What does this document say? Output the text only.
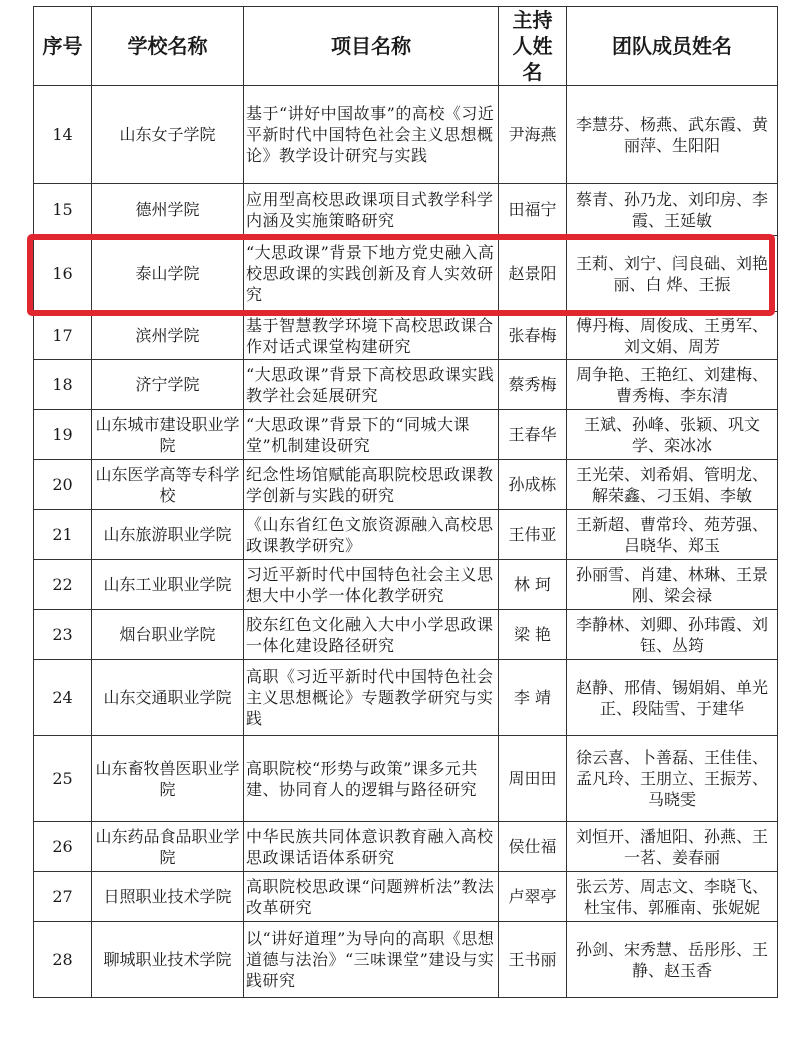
序号	学校名称	项目名称	主持人姓名	团队成员姓名
14	山东女子学院	基于“讲好中国故事”的高校《习近平新时代中国特色社会主义思想概论》教学设计研究与实践	尹海燕	李慧芬、杨燕、武东霞、黄丽萍、生阳阳
15	德州学院	应用型高校思政课项目式教学科学内涵及实施策略研究	田福宁	蔡青、孙乃龙、刘印房、李霞、王延敏
16	泰山学院	“大思政课”背景下地方党史融入高校思政课的实践创新及育人实效研究	赵景阳	王莉、刘宁、闫良础、刘艳丽、白 烨、王振
17	滨州学院	基于智慧教学环境下高校思政课合作对话式课堂构建研究	张春梅	傅丹梅、周俊成、王勇军、刘文娟、周芳
18	济宁学院	“大思政课”背景下高校思政课实践教学社会延展研究	蔡秀梅	周争艳、王艳红、刘建梅、曹秀梅、李东清
19	山东城市建设职业学院	“大思政课”背景下的“同城大课堂”机制建设研究	王春华	王斌、孙峰、张颖、巩文学、栾冰冰
20	山东医学高等专科学校	纪念性场馆赋能高职院校思政课教学创新与实践的研究	孙成栋	王光荣、刘希娟、管明龙、解荣鑫、刁玉娟、李敏
21	山东旅游职业学院	《山东省红色文旅资源融入高校思政课教学研究》	王伟亚	王新超、曹常玲、苑芳强、吕晓华、郑玉
22	山东工业职业学院	习近平新时代中国特色社会主义思想大中小学一体化教学研究	林 珂	孙丽雪、肖建、林琳、王景刚、梁会禄
23	烟台职业学院	胶东红色文化融入大中小学思政课一体化建设路径研究	梁 艳	李静林、刘卿、孙玮霞、刘钰、丛筠
24	山东交通职业学院	高职《习近平新时代中国特色社会主义思想概论》专题教学研究与实践	李 靖	赵静、邢倩、锡娟娟、单光正、段陆雪、于建华
25	山东畜牧兽医职业学院	高职院校“形势与政策”课多元共建、协同育人的逻辑与路径研究	周田田	徐云喜、卜善磊、王佳佳、孟凡玲、王朋立、王振芳、马晓雯
26	山东药品食品职业学院	中华民族共同体意识教育融入高校思政课话语体系研究	侯仕福	刘恒开、潘旭阳、孙燕、王一茗、姜春丽
27	日照职业技术学院	高职院校思政课“问题辨析法”教法改革研究	卢翠亭	张云芳、周志文、李晓飞、杜宝伟、郭雁南、张妮妮
28	聊城职业技术学院	以“讲好道理”为导向的高职《思想道德与法治》“三味课堂”建设与实践研究	王书丽	孙剑、宋秀慧、岳彤彤、王静、赵玉香
